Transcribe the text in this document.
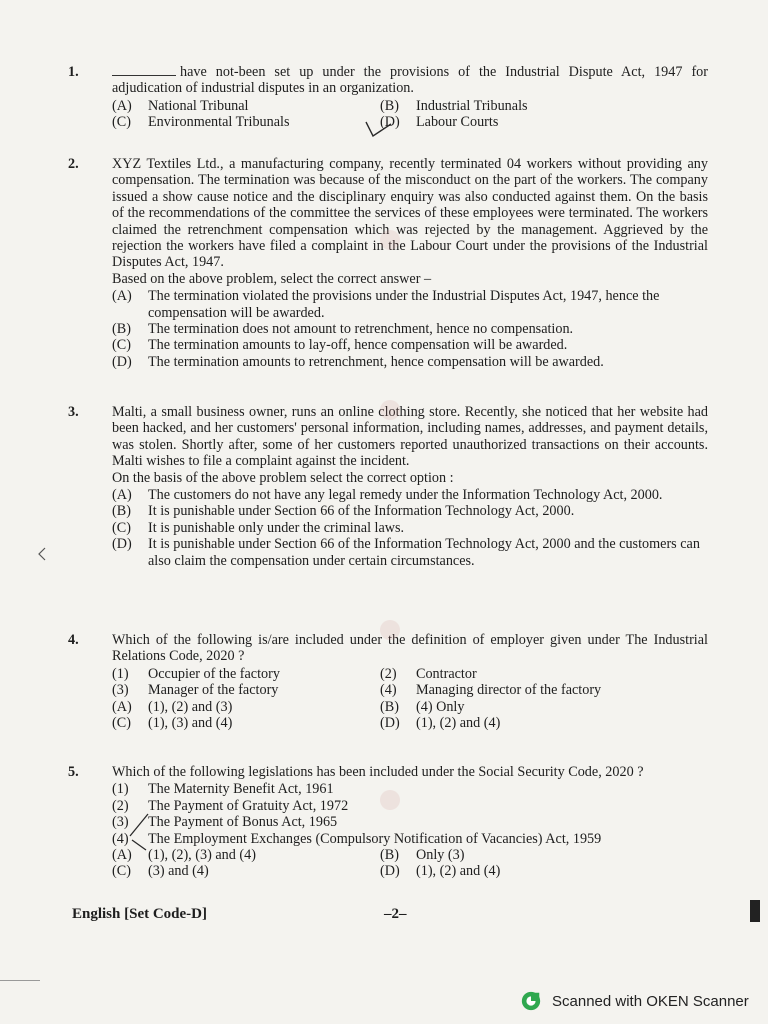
1.	have not-been set up under the provisions of the Industrial Dispute Act, 1947 for adjudication of industrial disputes in an organization.
(A)	National Tribunal	(B)	Industrial Tribunals
(C)	Environmental Tribunals	(D)	Labour Courts
2.	XYZ Textiles Ltd., a manufacturing company, recently terminated 04 workers without providing any compensation. The termination was because of the misconduct on the part of the workers. The company issued a show cause notice and the disciplinary enquiry was also conducted against them. On the basis of the recommendations of the committee the services of these employees were terminated. The workers claimed the retrenchment compensation which was rejected by the management. Aggrieved by the rejection the workers have filed a complaint in the Labour Court under the provisions of the Industrial Disputes Act, 1947.
Based on the above problem, select the correct answer –
(A)	The termination violated the provisions under the Industrial Disputes Act, 1947, hence the compensation will be awarded.
(B)	The termination does not amount to retrenchment, hence no compensation.
(C)	The termination amounts to lay-off, hence compensation will be awarded.
(D)	The termination amounts to retrenchment, hence compensation will be awarded.
3.	Malti, a small business owner, runs an online clothing store. Recently, she noticed that her website had been hacked, and her customers' personal information, including names, addresses, and payment details, was stolen. Shortly after, some of her customers reported unauthorized transactions on their accounts. Malti wishes to file a complaint against the incident.
On the basis of the above problem select the correct option :
(A)	The customers do not have any legal remedy under the Information Technology Act, 2000.
(B)	It is punishable under Section 66 of the Information Technology Act, 2000.
(C)	It is punishable only under the criminal laws.
(D)	It is punishable under Section 66 of the Information Technology Act, 2000 and the customers can also claim the compensation under certain circumstances.
4.	Which of the following is/are included under the definition of employer given under The Industrial Relations Code, 2020 ?
(1)	Occupier of the factory	(2)	Contractor
(3)	Manager of the factory	(4)	Managing director of the factory
(A)	(1), (2) and (3)	(B)	(4) Only
(C)	(1), (3) and (4)	(D)	(1), (2) and (4)
5.	Which of the following legislations has been included under the Social Security Code, 2020 ?
(1)	The Maternity Benefit Act, 1961
(2)	The Payment of Gratuity Act, 1972
(3)	The Payment of Bonus Act, 1965
(4)	The Employment Exchanges (Compulsory Notification of Vacancies) Act, 1959
(A)	(1), (2), (3) and (4)	(B)	Only (3)
(C)	(3) and (4)	(D)	(1), (2) and (4)
English [Set Code-D]	–2–
Scanned with OKEN Scanner
